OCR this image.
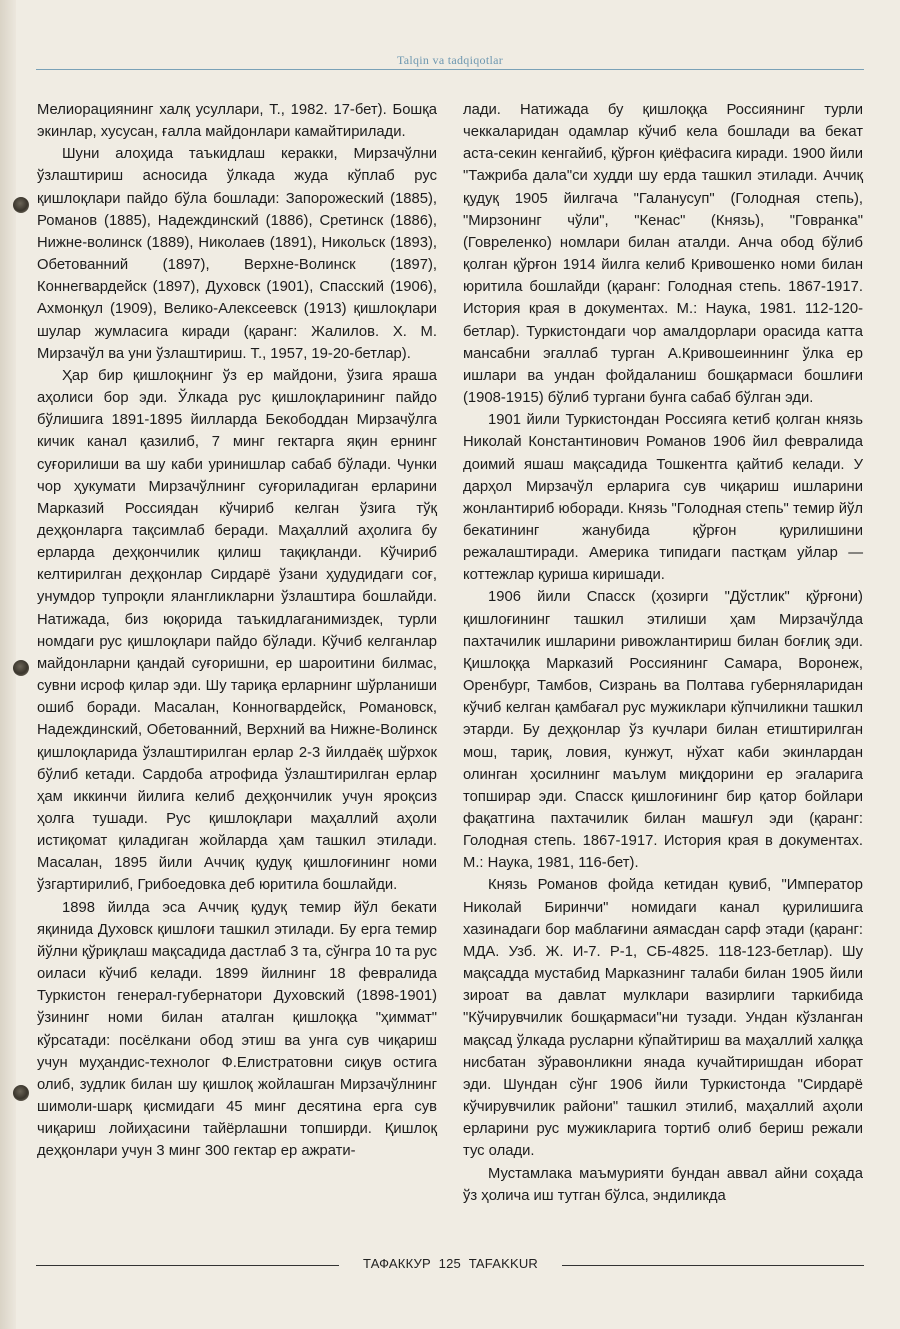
Talqin va tadqiqotlar

Мелиорациянинг халқ усуллари, Т., 1982. 17-бет). Бошқа экинлар, хусусан, ғалла майдонлари камайтирилади.

Шуни алоҳида таъкидлаш керакки, Мирзачўлни ўзлаштириш асносида ўлкада жуда кўплаб рус қишлоқлари пайдо бўла бошлади: Запорожеский (1885), Романов (1885), Надеждинский (1886), Сретинск (1886), Нижне-волинск (1889), Николаев (1891), Никольск (1893), Обетованний (1897), Верхне-Волинск (1897), Коннегвардейск (1897), Духовск (1901), Спасский (1906), Ахмонқул (1909), Велико-Алексеевск (1913) қишлоқлари шулар жумласига киради (қаранг: Жалилов. Х. М. Мирзачўл ва уни ўзлаштириш. Т., 1957, 19-20-бетлар).

Ҳар бир қишлоқнинг ўз ер майдони, ўзига яраша аҳолиси бор эди. Ўлкада рус қишлоқларининг пайдо бўлишига 1891-1895 йилларда Бекободдан Мирзачўлга кичик канал қазилиб, 7 минг гектарга яқин ернинг суғорилиши ва шу каби уринишлар сабаб бўлади. Чунки чор ҳукумати Мирзачўлнинг суғориладиган ерларини Марказий Россиядан кўчириб келган ўзига тўқ деҳқонларга тақсимлаб беради. Маҳаллий аҳолига бу ерларда деҳқончилик қилиш тақиқланди. Кўчириб келтирилган деҳқонлар Сирдарё ўзани ҳудудидаги соғ, унумдор тупроқли ялангликларни ўзлаштира бошлайди. Натижада, биз юқорида таъкидлаганимиздек, турли номдаги рус қишлоқлари пайдо бўлади. Кўчиб келганлар майдонларни қандай суғоришни, ер шароитини билмас, сувни исроф қилар эди. Шу тариқа ерларнинг шўрланиши ошиб боради. Масалан, Конногвардейск, Романовск, Надеждинский, Обетованний, Верхний ва Нижне-Волинск қишлоқларида ўзлаштирилган ерлар 2-3 йилдаёқ шўрхок бўлиб кетади. Сардоба атрофида ўзлаштирилган ерлар ҳам иккинчи йилига келиб деҳқончилик учун яроқсиз ҳолга тушади. Рус қишлоқлари маҳаллий аҳоли истиқомат қиладиган жойларда ҳам ташкил этилади. Масалан, 1895 йили Аччиқ қудуқ қишлоғининг номи ўзгартирилиб, Грибоедовка деб юритила бошлайди.

1898 йилда эса Аччиқ қудуқ темир йўл бекати яқинида Духовск қишлоғи ташкил этилади. Бу ерга темир йўлни қўриқлаш мақсадида дастлаб 3 та, сўнгра 10 та рус оиласи кўчиб келади. 1899 йилнинг 18 февралида Туркистон генерал-губернатори Духовский (1898-1901) ўзининг номи билан аталган қишлоққа "ҳиммат" кўрсатади: посёлкани обод этиш ва унга сув чиқариш учун муҳандис-технолог Ф.Елистратовни сиқув остига олиб, зудлик билан шу қишлоқ жойлашган Мирзачўлнинг шимоли-шарқ қисмидаги 45 минг десятина ерга сув чиқариш лойиҳасини тайёрлашни топширди. Қишлоқ деҳқонлари учун 3 минг 300 гектар ер ажрати-

лади. Натижада бу қишлоққа Россиянинг турли чеккаларидан одамлар кўчиб кела бошлади ва бекат аста-секин кенгайиб, қўрғон қиёфасига киради. 1900 йили "Тажриба дала"си худди шу ерда ташкил этилади. Аччиқ қудуқ 1905 йилгача "Галанусуп" (Голодная степь), "Мирзонинг чўли", "Кенас" (Князь), "Говранка" (Говреленко) номлари билан аталди. Анча обод бўлиб қолган қўрғон 1914 йилга келиб Кривошенко номи билан юритила бошлайди (қаранг: Голодная степь. 1867-1917. История края в документах. М.: Наука, 1981. 112-120-бетлар). Туркистондаги чор амалдорлари орасида катта мансабни эгаллаб турган А.Кривошеиннинг ўлка ер ишлари ва ундан фойдаланиш бошқармаси бошлиғи (1908-1915) бўлиб тургани бунга сабаб бўлган эди.

1901 йили Туркистондан Россияга кетиб қолган князь Николай Константинович Романов 1906 йил февралида доимий яшаш мақсадида Тошкентга қайтиб келади. У дарҳол Мирзачўл ерларига сув чиқариш ишларини жонлантириб юборади. Князь "Голодная степь" темир йўл бекатининг жанубида қўрғон қурилишини режалаштиради. Америка типидаги пастқам уйлар — коттежлар қуриша киришади.

1906 йили Спасск (ҳозирги "Дўстлик" қўрғони) қишлоғининг ташкил этилиши ҳам Мирзачўлда пахтачилик ишларини ривожлантириш билан боғлиқ эди. Қишлоққа Марказий Россиянинг Самара, Воронеж, Оренбург, Тамбов, Сизрань ва Полтава губерняларидан кўчиб келган қамбағал рус мужиклари кўпчиликни ташкил этарди. Бу деҳқонлар ўз кучлари билан етиштирилган мош, тариқ, ловия, кунжут, нўхат каби экинлардан олинган ҳосилнинг маълум миқдорини ер эгаларига топширар эди. Спасск қишлоғининг бир қатор бойлари фақатгина пахтачилик билан машғул эди (қаранг: Голодная степь. 1867-1917. История края в документах. М.: Наука, 1981, 116-бет).

Князь Романов фойда кетидан қувиб, "Император Николай Биринчи" номидаги канал қурилишига хазинадаги бор маблағини аямасдан сарф этади (қаранг: МДА. Узб. Ж. И-7. Р-1, СБ-4825. 118-123-бетлар). Шу мақсадда мустабид Марказнинг талаби билан 1905 йили зироат ва давлат мулклари вазирлиги таркибида "Кўчирувчилик бошқармаси"ни тузади. Ундан кўзланган мақсад ўлкада русларни кўпайтириш ва маҳаллий халққа нисбатан зўравонликни янада кучайтиришдан иборат эди. Шундан сўнг 1906 йили Туркистонда "Сирдарё кўчирувчилик райони" ташкил этилиб, маҳаллий аҳоли ерларини рус мужикларига тортиб олиб бериш режали тус олади.

Мустамлака маъмурияти бундан аввал айни соҳада ўз ҳолича иш тутган бўлса, эндиликда

ТАФАККУР 125 TAFAKKUR
